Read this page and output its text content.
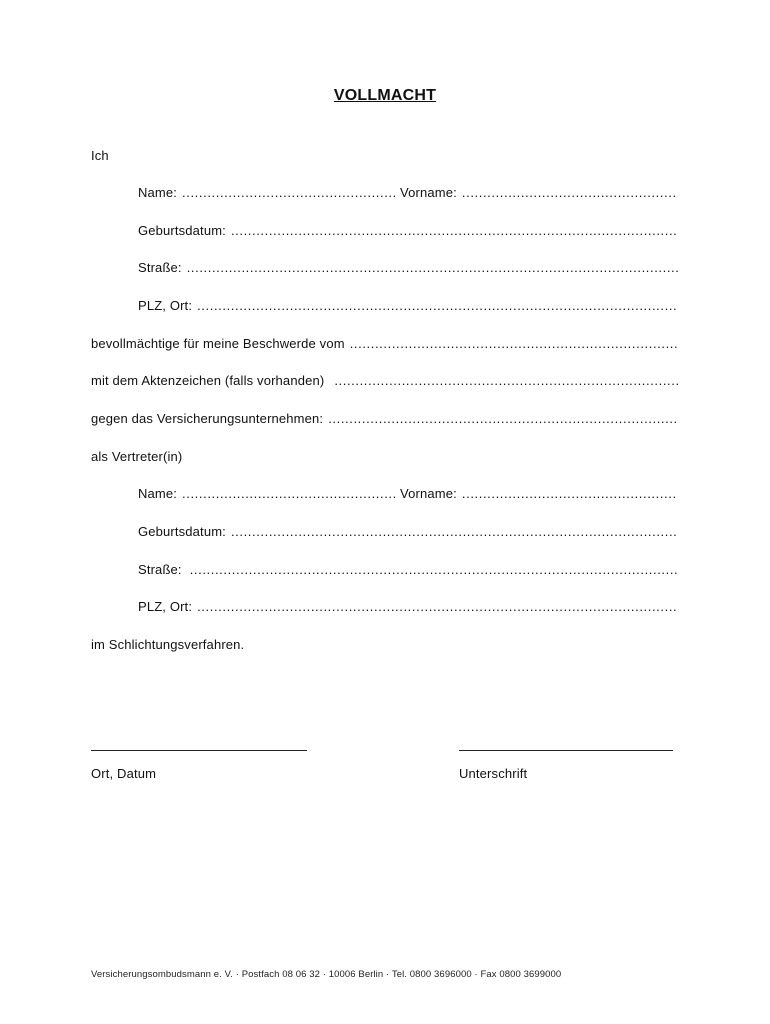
VOLLMACHT
Ich
Name: .....	Vorname:
.....
Geburtsdatum:
.....
Straße:
.....
PLZ, Ort:
.....
bevollmächtige für meine Beschwerde vom
.....
mit dem Aktenzeichen (falls vorhanden)
.....
gegen das Versicherungsunternehmen:
.....
als Vertreter(in)
Name: .....	Vorname:
.....
Geburtsdatum:
.....
Straße:
.....
PLZ, Ort:
.....
im Schlichtungsverfahren.
Ort, Datum	Unterschrift
Versicherungsombudsmann e. V. · Postfach 08 06 32 · 10006 Berlin · Tel. 0800 3696000 · Fax 0800 3699000
